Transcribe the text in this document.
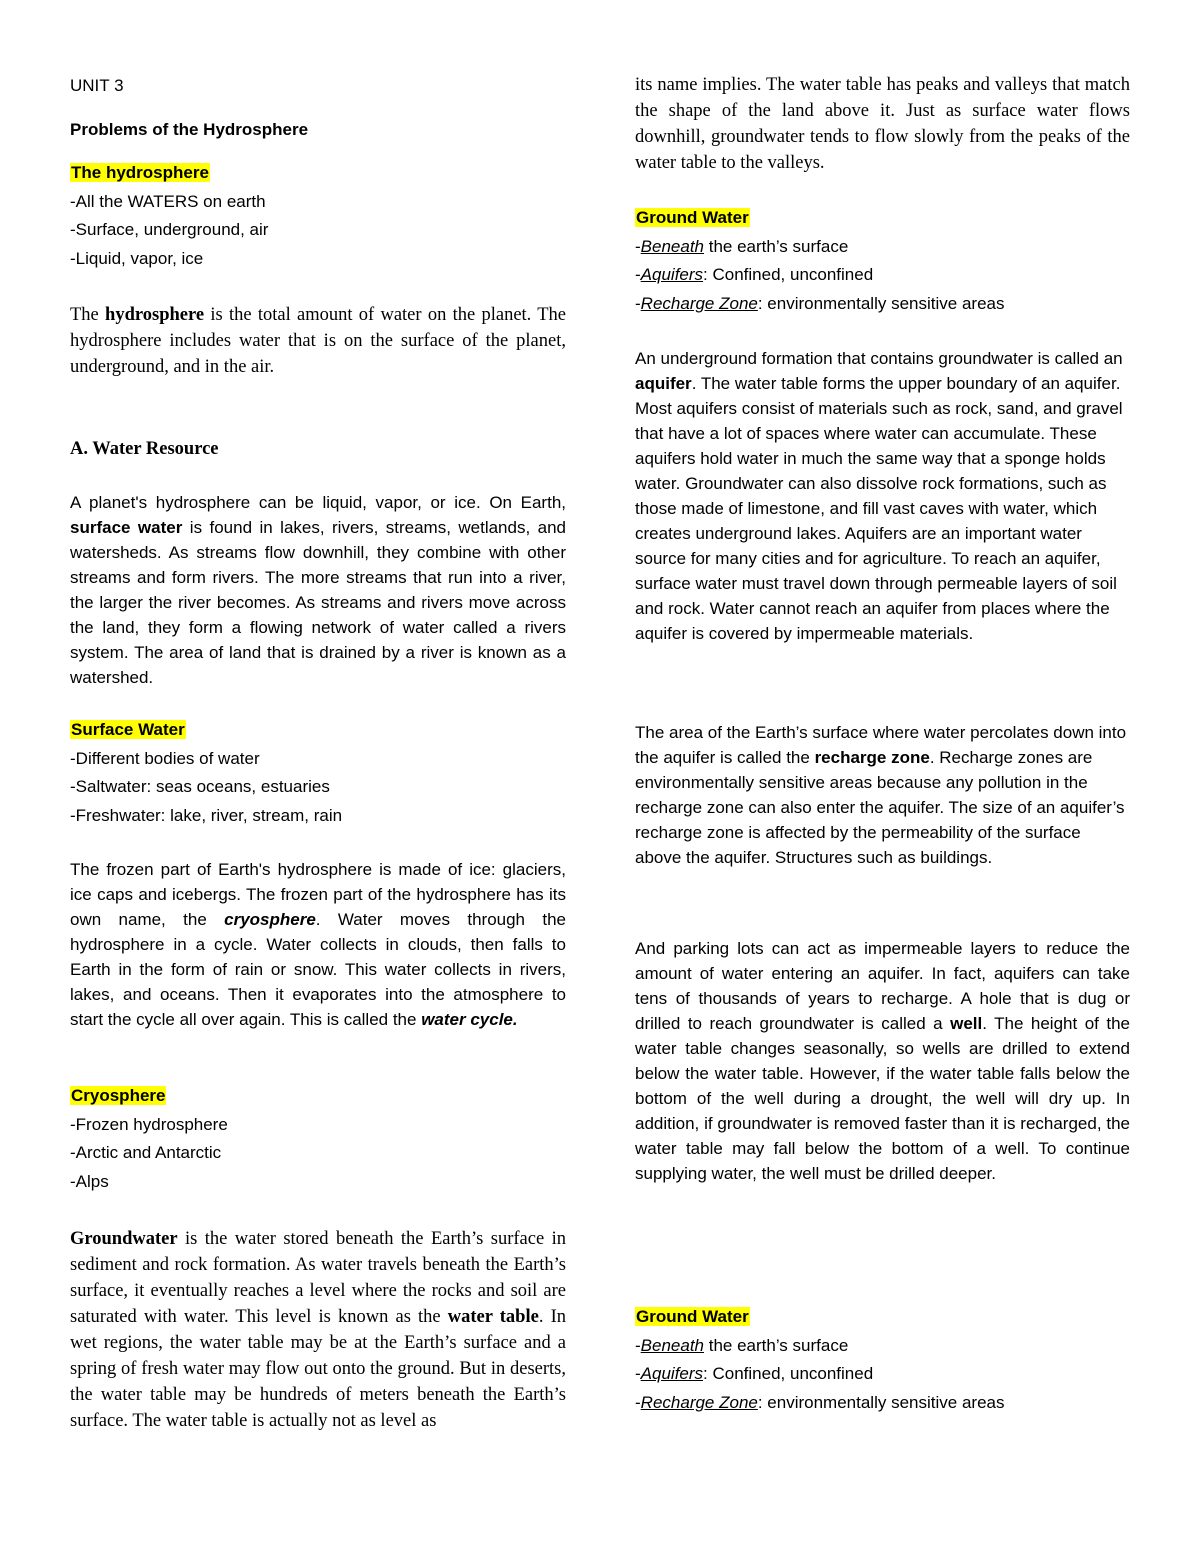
UNIT 3
Problems of the Hydrosphere
The hydrosphere
-All the WATERS on earth
-Surface, underground, air
-Liquid, vapor, ice

The hydrosphere is the total amount of water on the planet. The hydrosphere includes water that is on the surface of the planet, underground, and in the air.

A. Water Resource

A planet's hydrosphere can be liquid, vapor, or ice. On Earth, surface water is found in lakes, rivers, streams, wetlands, and watersheds. As streams flow downhill, they combine with other streams and form rivers. The more streams that run into a river, the larger the river becomes. As streams and rivers move across the land, they form a flowing network of water called a rivers system. The area of land that is drained by a river is known as a watershed.

Surface Water
-Different bodies of water
-Saltwater: seas oceans, estuaries
-Freshwater: lake, river, stream, rain

The frozen part of Earth's hydrosphere is made of ice: glaciers, ice caps and icebergs. The frozen part of the hydrosphere has its own name, the cryosphere. Water moves through the hydrosphere in a cycle. Water collects in clouds, then falls to Earth in the form of rain or snow. This water collects in rivers, lakes, and oceans. Then it evaporates into the atmosphere to start the cycle all over again. This is called the water cycle.

Cryosphere
-Frozen hydrosphere
-Arctic and Antarctic
-Alps

Groundwater is the water stored beneath the Earth’s surface in sediment and rock formation. As water travels beneath the Earth’s surface, it eventually reaches a level where the rocks and soil are saturated with water. This level is known as the water table. In wet regions, the water table may be at the Earth’s surface and a spring of fresh water may flow out onto the ground. But in deserts, the water table may be hundreds of meters beneath the Earth’s surface. The water table is actually not as level as

its name implies. The water table has peaks and valleys that match the shape of the land above it. Just as surface water flows downhill, groundwater tends to flow slowly from the peaks of the water table to the valleys.

Ground Water
-Beneath the earth’s surface
-Aquifers: Confined, unconfined
-Recharge Zone: environmentally sensitive areas

An underground formation that contains groundwater is called an aquifer. The water table forms the upper boundary of an aquifer. Most aquifers consist of materials such as rock, sand, and gravel that have a lot of spaces where water can accumulate. These aquifers hold water in much the same way that a sponge holds water. Groundwater can also dissolve rock formations, such as those made of limestone, and fill vast caves with water, which creates underground lakes. Aquifers are an important water source for many cities and for agriculture. To reach an aquifer, surface water must travel down through permeable layers of soil and rock. Water cannot reach an aquifer from places where the aquifer is covered by impermeable materials.

The area of the Earth’s surface where water percolates down into the aquifer is called the recharge zone. Recharge zones are environmentally sensitive areas because any pollution in the recharge zone can also enter the aquifer. The size of an aquifer’s recharge zone is affected by the permeability of the surface above the aquifer. Structures such as buildings.

And parking lots can act as impermeable layers to reduce the amount of water entering an aquifer. In fact, aquifers can take tens of thousands of years to recharge. A hole that is dug or drilled to reach groundwater is called a well. The height of the water table changes seasonally, so wells are drilled to extend below the water table. However, if the water table falls below the bottom of the well during a drought, the well will dry up. In addition, if groundwater is removed faster than it is recharged, the water table may fall below the bottom of a well. To continue supplying water, the well must be drilled deeper.

Ground Water
-Beneath the earth’s surface
-Aquifers: Confined, unconfined
-Recharge Zone: environmentally sensitive areas
